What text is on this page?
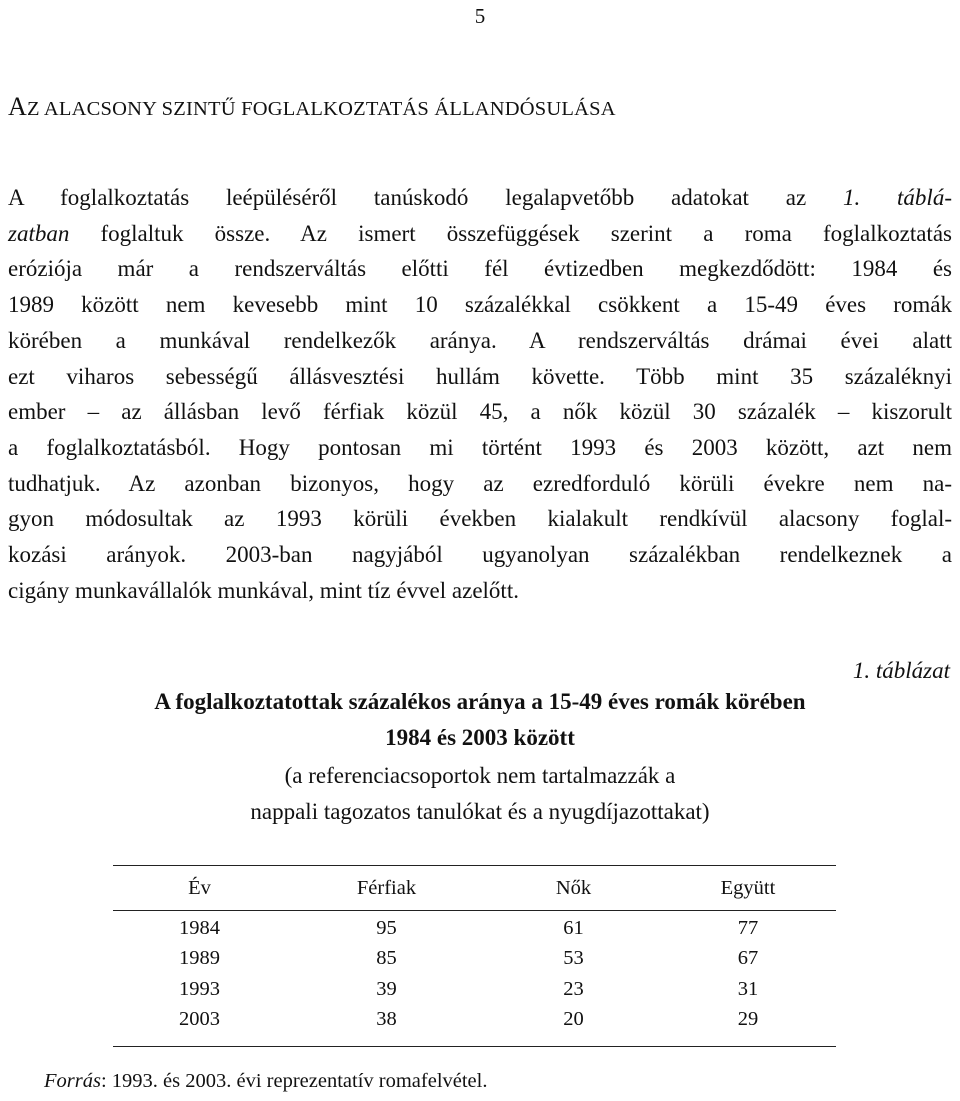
5
AZ ALACSONY SZINTŰ FOGLALKOZTATÁS ÁLLANDÓSULÁSA
A foglalkoztatás leépüléséről tanúskodó legalapvetőbb adatokat az 1. táblá-
zatban foglaltuk össze. Az ismert összefüggések szerint a roma foglalkoztatás
eróziója már a rendszerváltás előtti fél évtizedben megkezdődött: 1984 és
1989 között nem kevesebb mint 10 százalékkal csökkent a 15-49 éves romák
körében a munkával rendelkezők aránya. A rendszerváltás drámai évei alatt
ezt viharos sebességű állásvesztési hullám követte. Több mint 35 százaléknyi
ember – az állásban levő férfiak közül 45, a nők közül 30 százalék – kiszorult
a foglalkoztatásból. Hogy pontosan mi történt 1993 és 2003 között, azt nem
tudhatjuk. Az azonban bizonyos, hogy az ezredforduló körüli évekre nem na-
gyon módosultak az 1993 körüli években kialakult rendkívül alacsony foglal-
kozási arányok. 2003-ban nagyjából ugyanolyan százalékban rendelkeznek a
cigány munkavállalók munkával, mint tíz évvel azelőtt.
1. táblázat
A foglalkoztatottak százalékos aránya a 15-49 éves romák körében
1984 és 2003 között
(a referenciacsoportok nem tartalmazzák a
nappali tagozatos tanulókat és a nyugdíjazottakat)
Év	Férfiak	Nők	Együtt
1984	95	61	77
1989	85	53	67
1993	39	23	31
2003	38	20	29
Forrás: 1993. és 2003. évi reprezentatív romafelvétel.
